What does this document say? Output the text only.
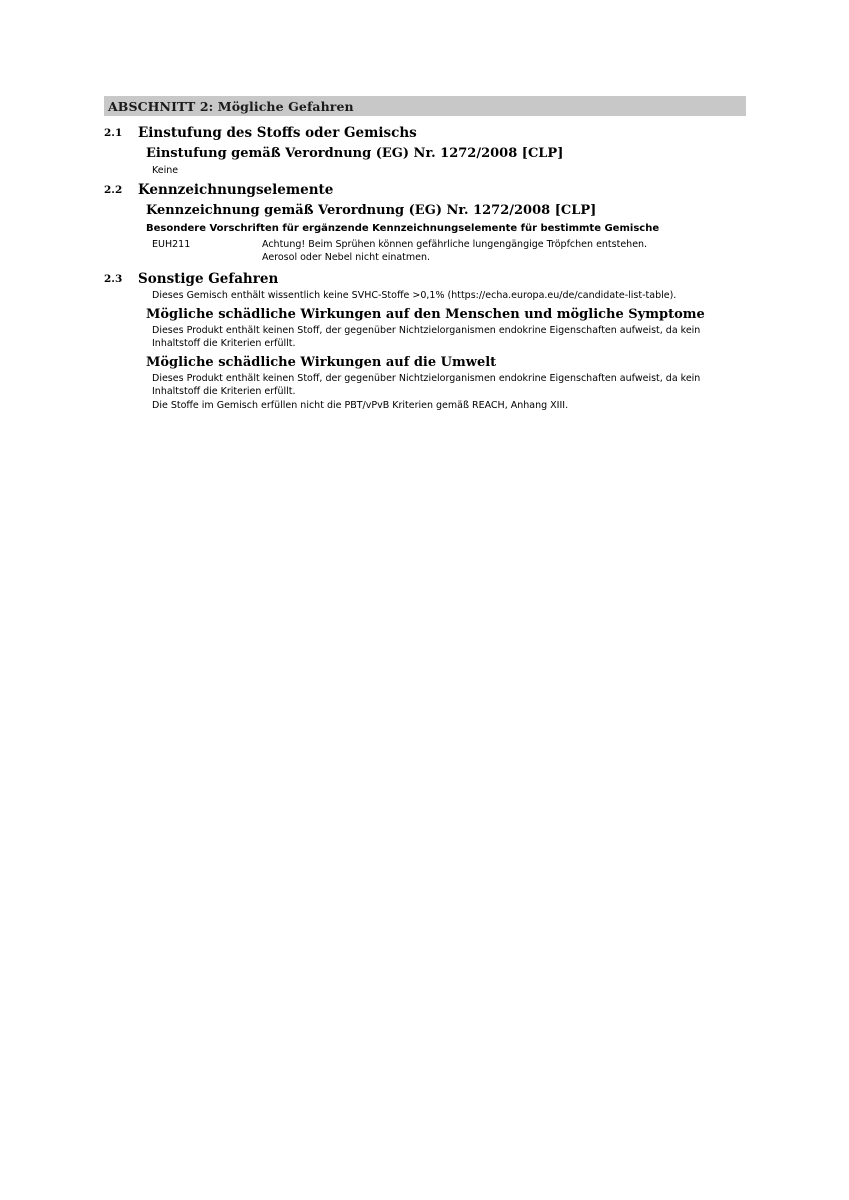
ABSCHNITT 2: Mögliche Gefahren
2.1	Einstufung des Stoffs oder Gemischs
Einstufung gemäß Verordnung (EG) Nr. 1272/2008 [CLP]

Keine

2.2	Kennzeichnungselemente
Kennzeichnung gemäß Verordnung (EG) Nr. 1272/2008 [CLP]
Besondere Vorschriften für ergänzende Kennzeichnungselemente für bestimmte Gemische
EUH211	Achtung! Beim Sprühen können gefährliche lungengängige Tröpfchen entstehen.
Aerosol oder Nebel nicht einatmen.
2.3	Sonstige Gefahren

Dieses Gemisch enthält wissentlich keine SVHC-Stoffe >0,1% (https://echa.europa.eu/de/candidate-list-table).

Mögliche schädliche Wirkungen auf den Menschen und mögliche Symptome

Dieses Produkt enthält keinen Stoff, der gegenüber Nichtzielorganismen endokrine Eigenschaften aufweist, da kein

Inhaltstoff die Kriterien erfüllt.

Mögliche schädliche Wirkungen auf die Umwelt

Dieses Produkt enthält keinen Stoff, der gegenüber Nichtzielorganismen endokrine Eigenschaften aufweist, da kein

Inhaltstoff die Kriterien erfüllt.

Die Stoffe im Gemisch erfüllen nicht die PBT/vPvB Kriterien gemäß REACH, Anhang XIII.
